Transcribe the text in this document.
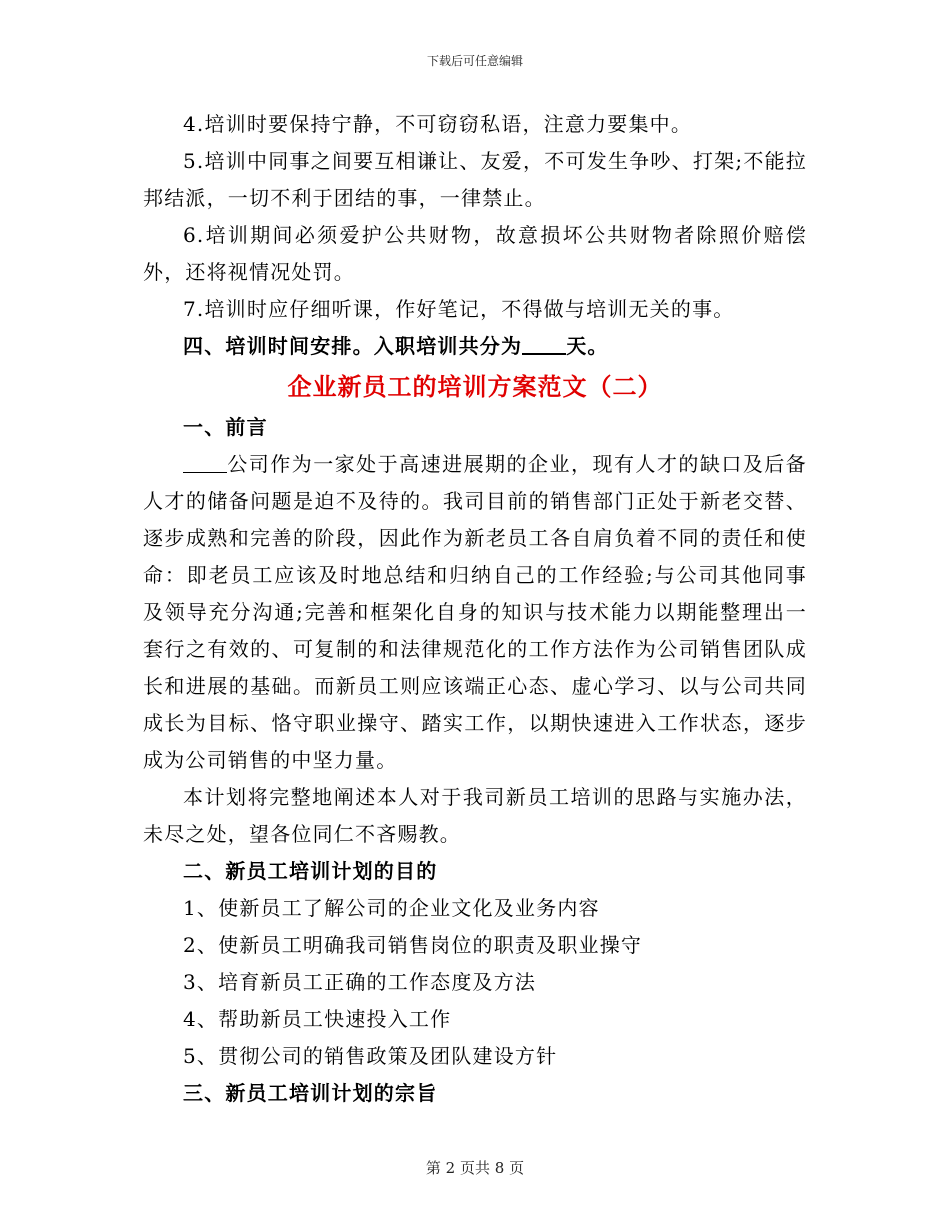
下载后可任意编辑

4.培训时要保持宁静，不可窃窃私语，注意力要集中。

5.培训中同事之间要互相谦让、友爱，不可发生争吵、打架;不能拉邦结派，一切不利于团结的事，一律禁止。

6.培训期间必须爱护公共财物，故意损坏公共财物者除照价赔偿外，还将视情况处罚。

7.培训时应仔细听课，作好笔记，不得做与培训无关的事。

四、培训时间安排。入职培训共分为 天。

企业新员工的培训方案范文（二）

一、前言

公司作为一家处于高速进展期的企业，现有人才的缺口及后备人才的储备问题是迫不及待的。我司目前的销售部门正处于新老交替、逐步成熟和完善的阶段，因此作为新老员工各自肩负着不同的责任和使命：即老员工应该及时地总结和归纳自己的工作经验;与公司其他同事及领导充分沟通;完善和框架化自身的知识与技术能力以期能整理出一套行之有效的、可复制的和法律规范化的工作方法作为公司销售团队成长和进展的基础。而新员工则应该端正心态、虚心学习、以与公司共同成长为目标、恪守职业操守、踏实工作，以期快速进入工作状态，逐步成为公司销售的中坚力量。

本计划将完整地阐述本人对于我司新员工培训的思路与实施办法，未尽之处，望各位同仁不吝赐教。

二、新员工培训计划的目的

1、使新员工了解公司的企业文化及业务内容

2、使新员工明确我司销售岗位的职责及职业操守

3、培育新员工正确的工作态度及方法

4、帮助新员工快速投入工作

5、贯彻公司的销售政策及团队建设方针

三、新员工培训计划的宗旨

第 2 页共 8 页
